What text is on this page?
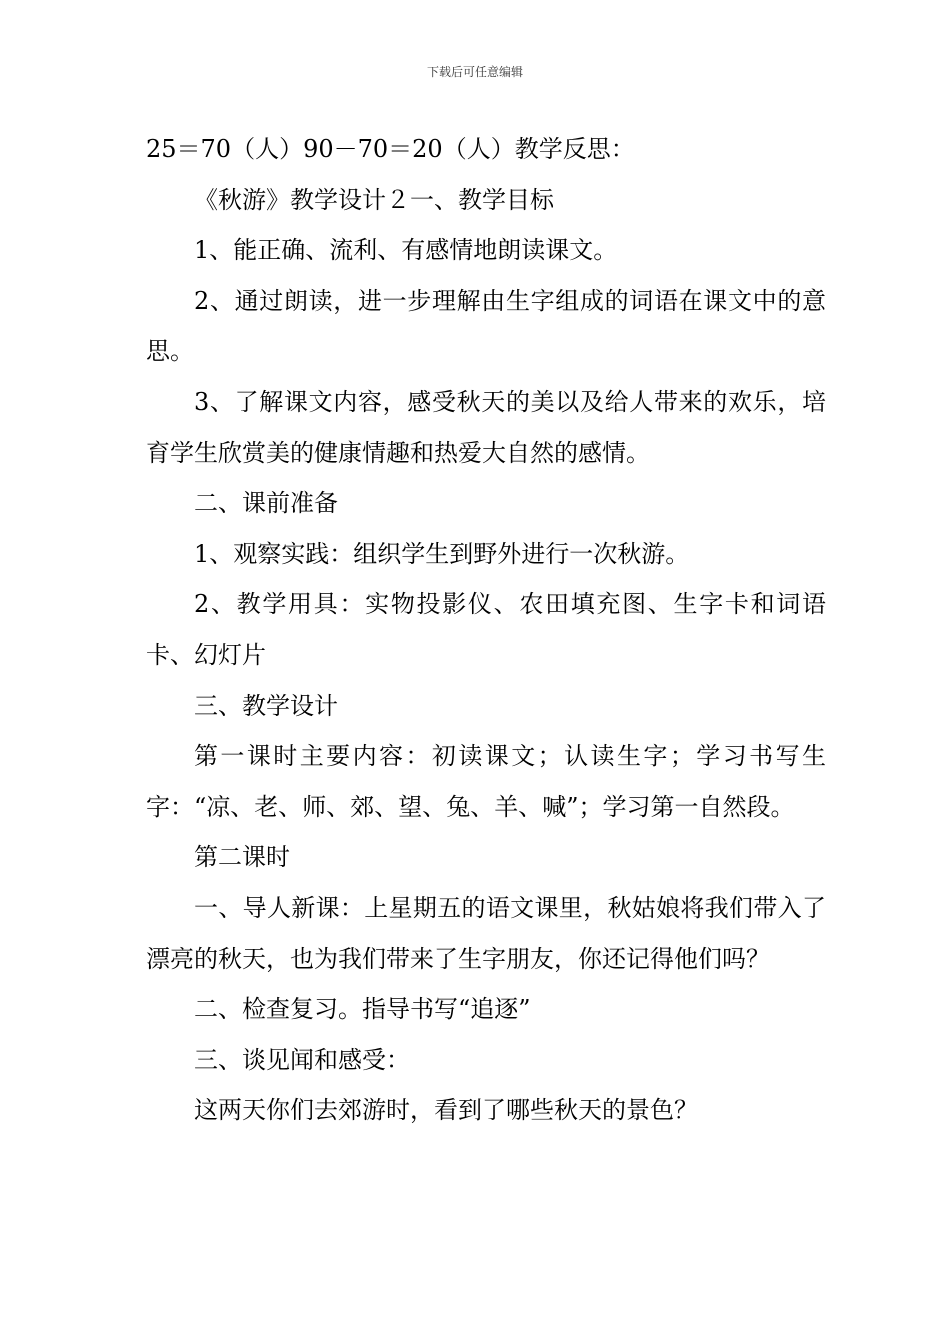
下载后可任意编辑

25＝70（人）90－70＝20（人）教学反思：

《秋游》教学设计２一、教学目标

1、能正确、流利、有感情地朗读课文。

2、通过朗读，进一步理解由生字组成的词语在课文中的意思。

3、了解课文内容，感受秋天的美以及给人带来的欢乐，培育学生欣赏美的健康情趣和热爱大自然的感情。

二、课前准备

1、观察实践：组织学生到野外进行一次秋游。

2、教学用具：实物投影仪、农田填充图、生字卡和词语卡、幻灯片

三、教学设计

第一课时主要内容：初读课文；认读生字；学习书写生字：“凉、老、师、郊、望、兔、羊、喊”；学习第一自然段。

第二课时

一、导人新课：上星期五的语文课里，秋姑娘将我们带入了漂亮的秋天，也为我们带来了生字朋友，你还记得他们吗？

二、检查复习。指导书写“追逐”

三、谈见闻和感受：

这两天你们去郊游时，看到了哪些秋天的景色？
